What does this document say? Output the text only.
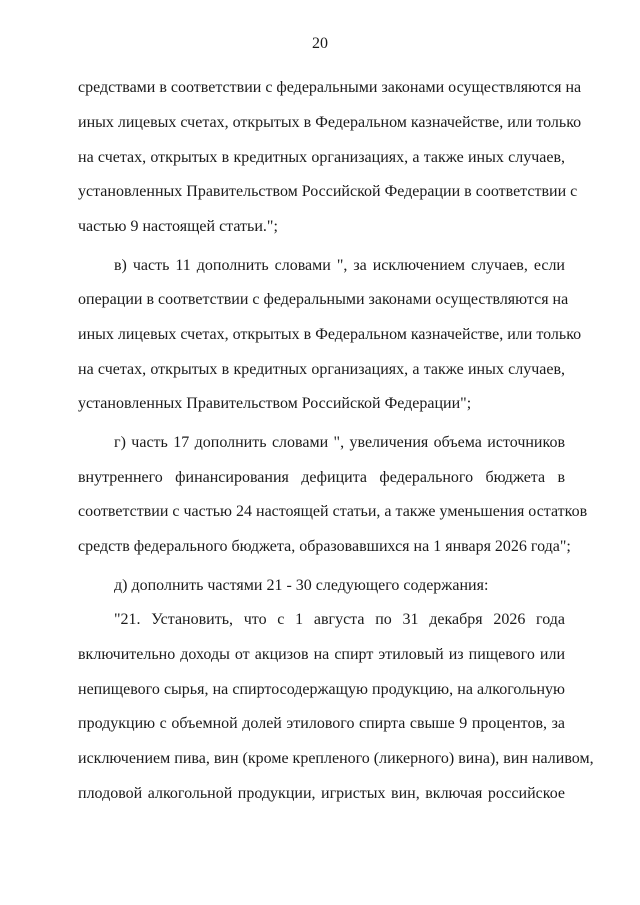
20
средствами в соответствии с федеральными законами осуществляются на
иных лицевых счетах, открытых в Федеральном казначействе, или только
на счетах, открытых в кредитных организациях, а также иных случаев,
установленных Правительством Российской Федерации в соответствии с
частью 9 настоящей статьи.";
в) часть 11 дополнить словами ", за исключением случаев, если
операции в соответствии с федеральными законами осуществляются на
иных лицевых счетах, открытых в Федеральном казначействе, или только
на счетах, открытых в кредитных организациях, а также иных случаев,
установленных Правительством Российской Федерации";
г) часть 17 дополнить словами ", увеличения объема источников
внутреннего финансирования дефицита федерального бюджета в
соответствии с частью 24 настоящей статьи, а также уменьшения остатков
средств федерального бюджета, образовавшихся на 1 января 2026 года";
д) дополнить частями 21 - 30 следующего содержания:
"21. Установить, что с 1 августа по 31 декабря 2026 года
включительно доходы от акцизов на спирт этиловый из пищевого или
непищевого сырья, на спиртосодержащую продукцию, на алкогольную
продукцию с объемной долей этилового спирта свыше 9 процентов, за
исключением пива, вин (кроме крепленого (ликерного) вина), вин наливом,
плодовой алкогольной продукции, игристых вин, включая российское
